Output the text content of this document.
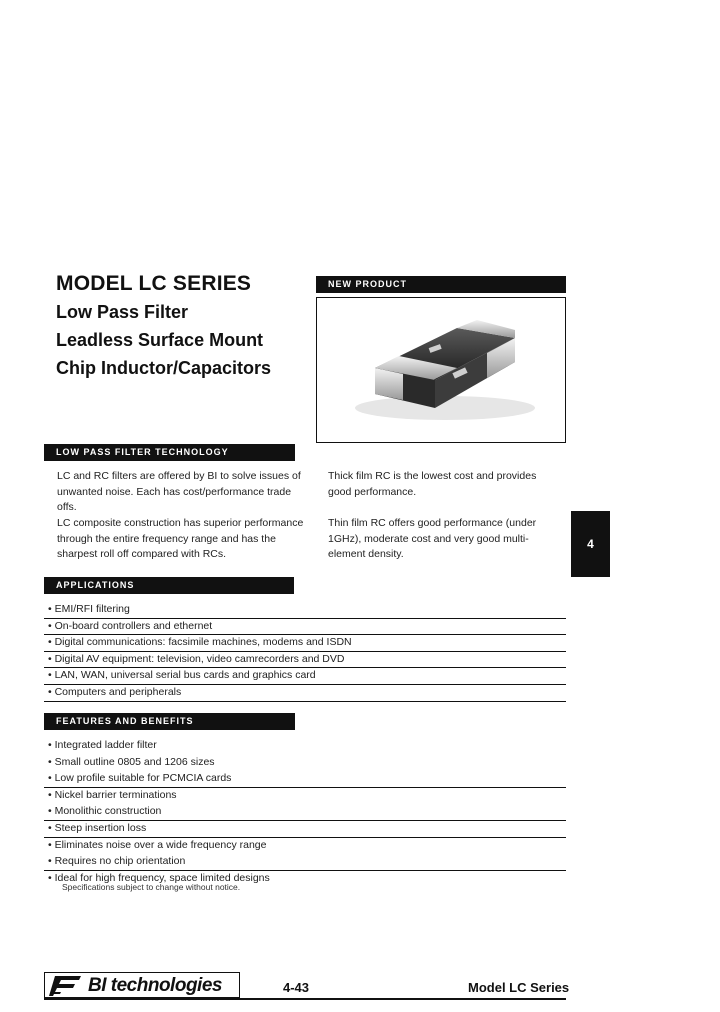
MODEL LC SERIES
Low Pass Filter
Leadless Surface Mount
Chip Inductor/Capacitors
NEW PRODUCT
LOW PASS FILTER TECHNOLOGY
LC and RC filters are offered by BI to solve issues of unwanted noise. Each has cost/performance trade offs.
LC composite construction has superior performance through the entire frequency range and has the sharpest roll off compared with RCs.
Thick film RC is the lowest cost and provides good performance.
Thin film RC offers good performance (under 1GHz), moderate cost and very good multi-element density.
4
APPLICATIONS
• EMI/RFI filtering
• On-board controllers and ethernet
• Digital communications: facsimile machines, modems and ISDN
• Digital AV equipment: television, video camrecorders and DVD
• LAN, WAN, universal serial bus cards and graphics card
• Computers and peripherals
FEATURES AND BENEFITS
• Integrated ladder filter
• Small outline 0805 and 1206 sizes
• Low profile suitable for PCMCIA cards
• Nickel barrier terminations
• Monolithic construction
• Steep insertion loss
• Eliminates noise over a wide frequency range
• Requires no chip orientation
• Ideal for high frequency, space limited designs
Specifications subject to change without notice.
BI technologies	4-43	Model LC Series
